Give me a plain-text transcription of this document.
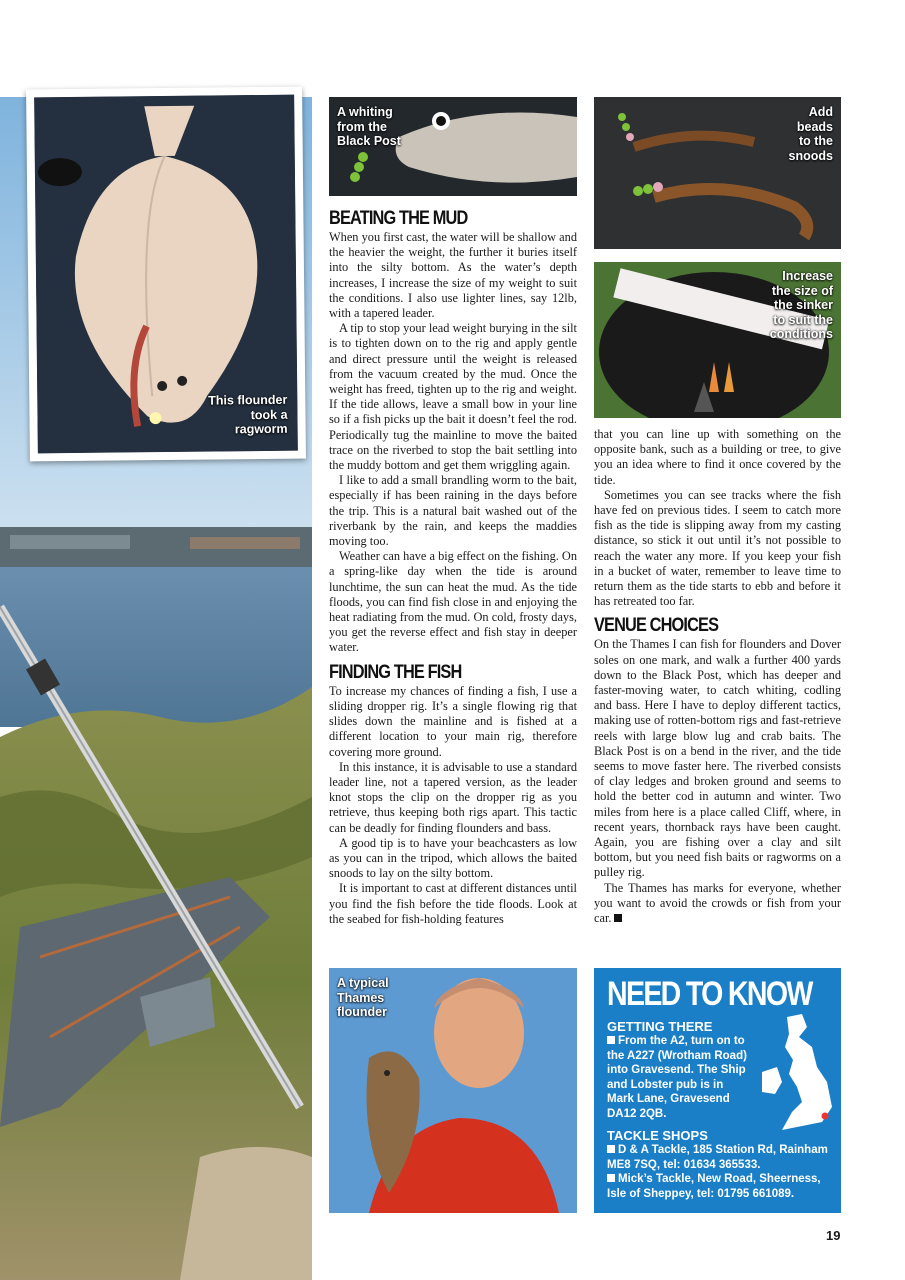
This flounder
took a
ragworm
A whiting
from the
Black Post
Add
beads
to the
snoods
Increase
the size of
the sinker
to suit the
conditions
A typical
Thames
flounder
BEATING THE MUD

When you first cast, the water will be shallow and the heavier the weight, the further it buries itself into the silty bottom. As the water’s depth increases, I increase the size of my weight to suit the conditions. I also use lighter lines, say 12lb, with a tapered leader.

A tip to stop your lead weight burying in the silt is to tighten down on to the rig and apply gentle and direct pressure until the weight is released from the vacuum created by the mud. Once the weight has freed, tighten up to the rig and weight. If the tide allows, leave a small bow in your line so if a fish picks up the bait it doesn’t feel the rod. Periodically tug the mainline to move the baited trace on the riverbed to stop the bait settling into the muddy bottom and get them wriggling again.

I like to add a small brandling worm to the bait, especially if has been raining in the days before the trip. This is a natural bait washed out of the riverbank by the rain, and keeps the maddies moving too.

Weather can have a big effect on the fishing. On a spring-like day when the tide is around lunchtime, the sun can heat the mud. As the tide floods, you can find fish close in and enjoying the heat radiating from the mud. On cold, frosty days, you get the reverse effect and fish stay in deeper water.

FINDING THE FISH

To increase my chances of finding a fish, I use a sliding dropper rig. It’s a single flowing rig that slides down the mainline and is fished at a different location to your main rig, therefore covering more ground.

In this instance, it is advisable to use a standard leader line, not a tapered version, as the leader knot stops the clip on the dropper rig as you retrieve, thus keeping both rigs apart. This tactic can be deadly for finding flounders and bass.

A good tip is to have your beachcasters as low as you can in the tripod, which allows the baited snoods to lay on the silty bottom.

It is important to cast at different distances until you find the fish before the tide floods. Look at the seabed for fish-holding features

that you can line up with something on the opposite bank, such as a building or tree, to give you an idea where to find it once covered by the tide.

Sometimes you can see tracks where the fish have fed on previous tides. I seem to catch more fish as the tide is slipping away from my casting distance, so stick it out until it’s not possible to reach the water any more. If you keep your fish in a bucket of water, remember to leave time to return them as the tide starts to ebb and before it has retreated too far.

VENUE CHOICES

On the Thames I can fish for flounders and Dover soles on one mark, and walk a further 400 yards down to the Black Post, which has deeper and faster-moving water, to catch whiting, codling and bass. Here I have to deploy different tactics, making use of rotten-bottom rigs and fast-retrieve reels with large blow lug and crab baits. The Black Post is on a bend in the river, and the tide seems to move faster here. The riverbed consists of clay ledges and broken ground and seems to hold the better cod in autumn and winter. Two miles from here is a place called Cliff, where, in recent years, thornback rays have been caught. Again, you are fishing over a clay and silt bottom, but you need fish baits or ragworms on a pulley rig.

The Thames has marks for everyone, whether you want to avoid the crowds or fish from your car.

NEED TO KNOW
GETTING THERE
From the A2, turn on to the A227 (Wrotham Road) into Gravesend. The Ship and Lobster pub is in Mark Lane, Gravesend DA12 2QB.
TACKLE SHOPS
D & A Tackle, 185 Station Rd, Rainham ME8 7SQ, tel: 01634 365533.
Mick’s Tackle, New Road, Sheerness, Isle of Sheppey, tel: 01795 661089.
19
